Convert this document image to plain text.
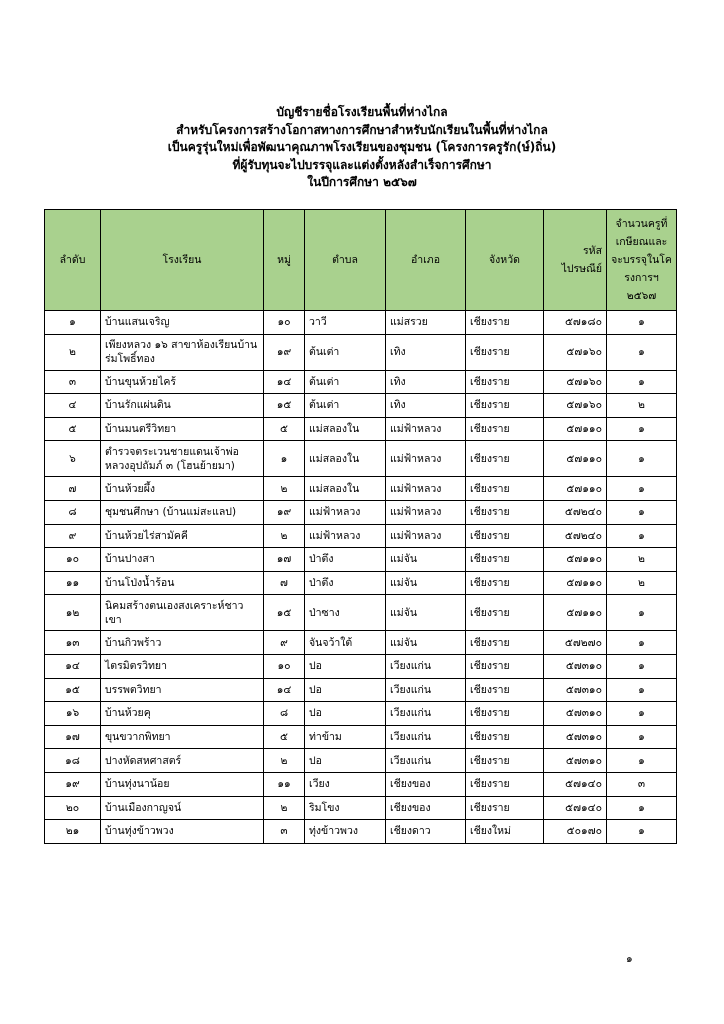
บัญชีรายชื่อโรงเรียนพื้นที่ห่างไกล
สำหรับโครงการสร้างโอกาสทางการศึกษาสำหรับนักเรียนในพื้นที่ห่างไกล
เป็นครูรุ่นใหม่เพื่อพัฒนาคุณภาพโรงเรียนของชุมชน (โครงการครูรัก(ษ์)ถิ่น)
ที่ผู้รับทุนจะไปบรรจุและแต่งตั้งหลังสำเร็จการศึกษา
ในปีการศึกษา ๒๕๖๗
ลำดับ	โรงเรียน	หมู่	ตำบล	อำเภอ	จังหวัด	รหัสไปรษณีย์	จำนวนครูที่เกษียณและจะบรรจุในโครงการฯ ๒๕๖๗
๑	บ้านแสนเจริญ	๑๐	วาวี	แม่สรวย	เชียงราย	๕๗๑๘๐	๑
๒	เพียงหลวง ๑๖ สาขาห้องเรียนบ้านร่มโพธิ์ทอง	๑๙	ต้นเต่า	เทิง	เชียงราย	๕๗๑๖๐	๑
๓	บ้านขุนห้วยไคร้	๑๔	ต้นเต่า	เทิง	เชียงราย	๕๗๑๖๐	๑
๔	บ้านรักแผ่นดิน	๑๕	ต้นเต่า	เทิง	เชียงราย	๕๗๑๖๐	๒
๕	บ้านมนตรีวิทยา	๕	แม่สลองใน	แม่ฟ้าหลวง	เชียงราย	๕๗๑๑๐	๑
๖	ตำรวจตระเวนชายแดนเจ้าพ่อหลวงอุปถัมภ์ ๓ (โฮนย้ายมา)	๑	แม่สลองใน	แม่ฟ้าหลวง	เชียงราย	๕๗๑๑๐	๑
๗	บ้านห้วยผึ้ง	๒	แม่สลองใน	แม่ฟ้าหลวง	เชียงราย	๕๗๑๑๐	๑
๘	ชุมชนศึกษา (บ้านแม่สะแลป)	๑๙	แม่ฟ้าหลวง	แม่ฟ้าหลวง	เชียงราย	๕๗๒๔๐	๑
๙	บ้านห้วยไร่สามัคคี	๒	แม่ฟ้าหลวง	แม่ฟ้าหลวง	เชียงราย	๕๗๒๔๐	๑
๑๐	บ้านปางสา	๑๗	ป่าตึง	แม่จัน	เชียงราย	๕๗๑๑๐	๒
๑๑	บ้านโป่งน้ำร้อน	๗	ป่าตึง	แม่จัน	เชียงราย	๕๗๑๑๐	๒
๑๒	นิคมสร้างตนเองสงเคราะห์ชาวเขา	๑๕	ป่าซาง	แม่จัน	เชียงราย	๕๗๑๑๐	๑
๑๓	บ้านกิวพร้าว	๙	จันจว้าใต้	แม่จัน	เชียงราย	๕๗๒๗๐	๑
๑๔	ไตรมิตรวิทยา	๑๐	ปอ	เวียงแก่น	เชียงราย	๕๗๓๑๐	๑
๑๕	บรรพตวิทยา	๑๔	ปอ	เวียงแก่น	เชียงราย	๕๗๓๑๐	๑
๑๖	บ้านห้วยคุ	๘	ปอ	เวียงแก่น	เชียงราย	๕๗๓๑๐	๑
๑๗	ขุนขวากพิทยา	๕	ท่าข้าม	เวียงแก่น	เชียงราย	๕๗๓๑๐	๑
๑๘	ปางหัดสหศาสตร์	๒	ปอ	เวียงแก่น	เชียงราย	๕๗๓๑๐	๑
๑๙	บ้านทุ่งนาน้อย	๑๑	เวียง	เชียงของ	เชียงราย	๕๗๑๔๐	๓
๒๐	บ้านเมืองกาญจน์	๒	ริมโขง	เชียงของ	เชียงราย	๕๗๑๔๐	๑
๒๑	บ้านทุ่งข้าวพวง	๓	ทุ่งข้าวพวง	เชียงดาว	เชียงใหม่	๕๐๑๗๐	๑
๑
